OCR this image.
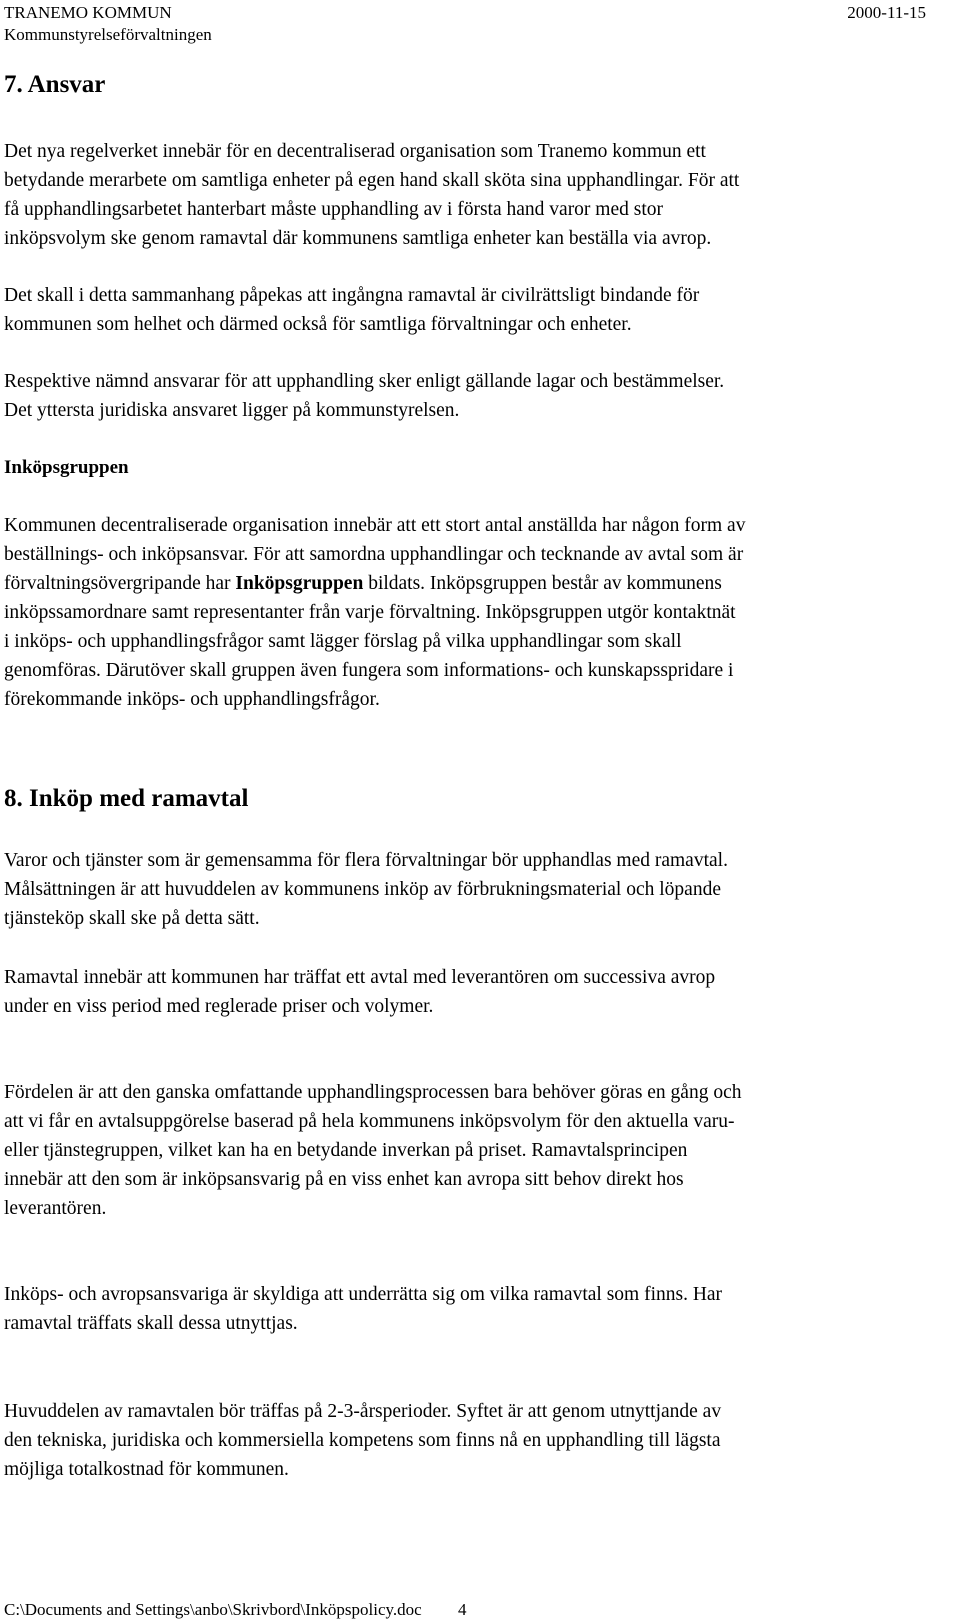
TRANEMO KOMMUN
Kommunstyrelseförvaltningen
2000-11-15
7. Ansvar
Det nya regelverket innebär för en decentraliserad organisation som Tranemo kommun ett
betydande merarbete om samtliga enheter på egen hand skall sköta sina upphandlingar. För att
få upphandlingsarbetet hanterbart måste upphandling av i första hand varor med stor
inköpsvolym ske genom ramavtal där kommunens samtliga enheter kan beställa via avrop.
Det skall i detta sammanhang påpekas att ingångna ramavtal är civilrättsligt bindande för
kommunen som helhet och därmed också för samtliga förvaltningar och enheter.
Respektive nämnd ansvarar för att upphandling sker enligt gällande lagar och bestämmelser.
Det yttersta juridiska ansvaret ligger på kommunstyrelsen.
Inköpsgruppen
Kommunen decentraliserade organisation innebär att ett stort antal anställda har någon form av
beställnings- och inköpsansvar. För att samordna upphandlingar och tecknande av avtal som är
förvaltningsövergripande har Inköpsgruppen bildats. Inköpsgruppen består av kommunens
inköpssamordnare samt representanter från varje förvaltning. Inköpsgruppen utgör kontaktnät
i inköps- och upphandlingsfrågor samt lägger förslag på vilka upphandlingar som skall
genomföras. Därutöver skall gruppen även fungera som informations- och kunskapsspridare i
förekommande inköps- och upphandlingsfrågor.
8. Inköp med ramavtal
Varor och tjänster som är gemensamma för flera förvaltningar bör upphandlas med ramavtal.
Målsättningen är att huvuddelen av kommunens inköp av förbrukningsmaterial och löpande
tjänsteköp skall ske på detta sätt.
Ramavtal innebär att kommunen har träffat ett avtal med leverantören om successiva avrop
under en viss period med reglerade priser och volymer.
Fördelen är att den ganska omfattande upphandlingsprocessen bara behöver göras en gång och
att vi får en avtalsuppgörelse baserad på hela kommunens inköpsvolym för den aktuella varu-
eller tjänstegruppen, vilket kan ha en betydande inverkan på priset. Ramavtalsprincipen
innebär att den som är inköpsansvarig på en viss enhet kan avropa sitt behov direkt hos
leverantören.
Inköps- och avropsansvariga är skyldiga att underrätta sig om vilka ramavtal som finns. Har
ramavtal träffats skall dessa utnyttjas.
Huvuddelen av ramavtalen bör träffas på 2-3-årsperioder. Syftet är att genom utnyttjande av
den tekniska, juridiska och kommersiella kompetens som finns nå en upphandling till lägsta
möjliga totalkostnad för kommunen.
C:\Documents and Settings\anbo\Skrivbord\Inköpspolicy.doc 4
